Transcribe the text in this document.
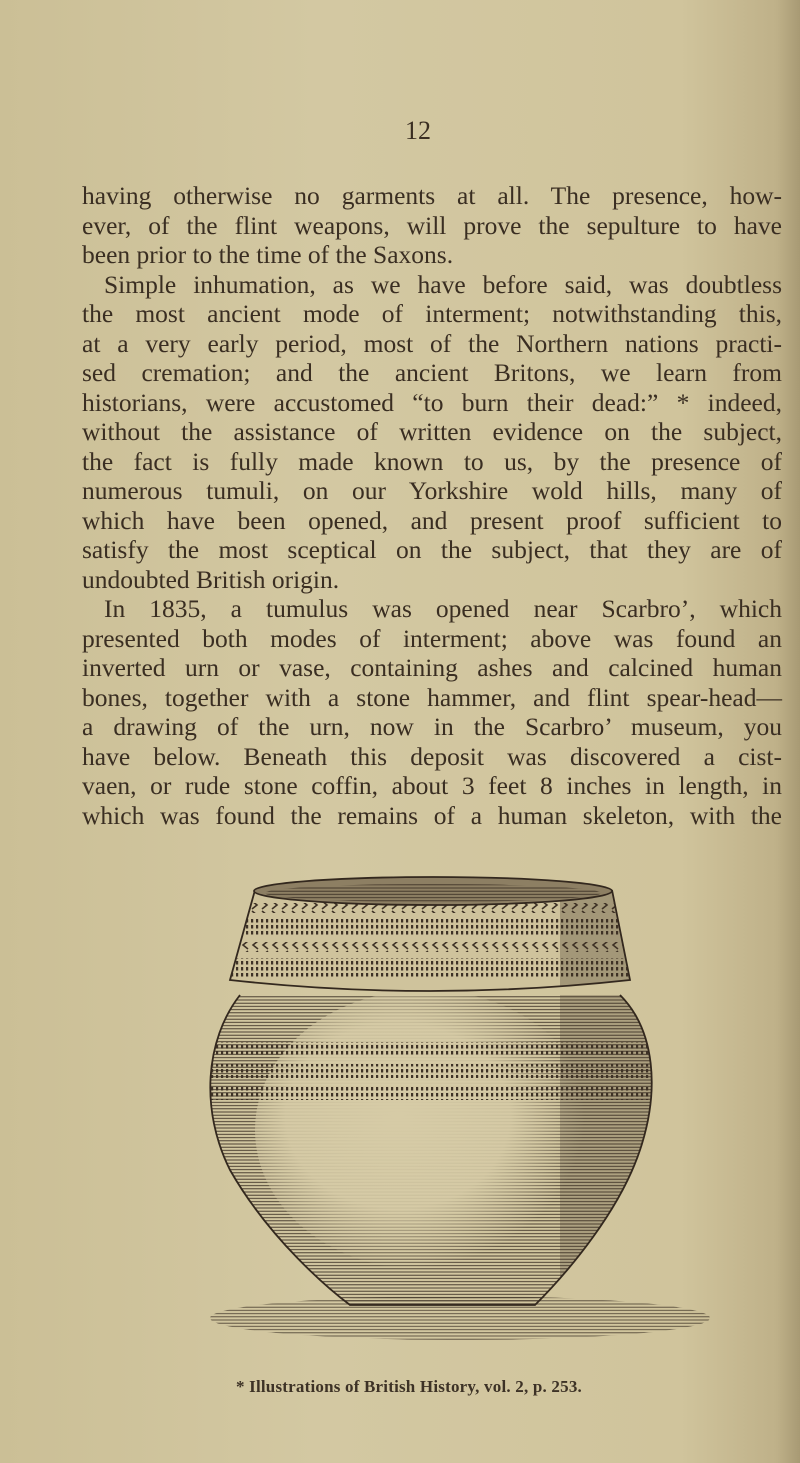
12
having otherwise no garments at all. The presence, how-
ever, of the flint weapons, will prove the sepulture to have
been prior to the time of the Saxons.
Simple inhumation, as we have before said, was doubtless
the most ancient mode of interment; notwithstanding this,
at a very early period, most of the Northern nations practi-
sed cremation; and the ancient Britons, we learn from
historians, were accustomed “to burn their dead:” * indeed,
without the assistance of written evidence on the subject,
the fact is fully made known to us, by the presence of
numerous tumuli, on our Yorkshire wold hills, many of
which have been opened, and present proof sufficient to
satisfy the most sceptical on the subject, that they are of
undoubted British origin.
In 1835, a tumulus was opened near Scarbro’, which
presented both modes of interment; above was found an
inverted urn or vase, containing ashes and calcined human
bones, together with a stone hammer, and flint spear-head—
a drawing of the urn, now in the Scarbro’ museum, you
have below. Beneath this deposit was discovered a cist-
vaen, or rude stone coffin, about 3 feet 8 inches in length, in
which was found the remains of a human skeleton, with the
* Illustrations of British History, vol. 2, p. 253.
